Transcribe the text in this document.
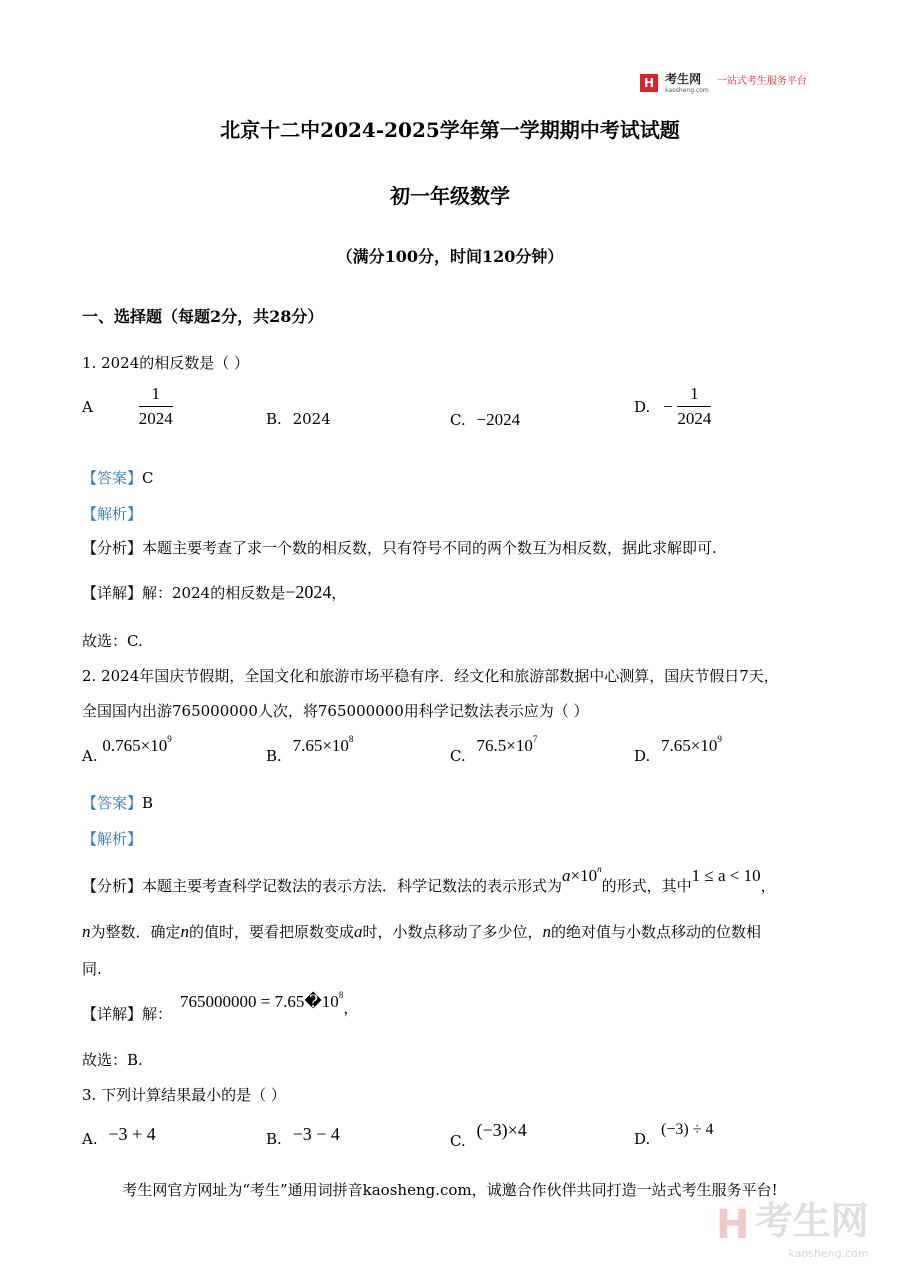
H 考生网
kaosheng.com
$^{一站式考生服务平台}$
北京十二中2024-2025学年第一学期期中考试试题
初一年级数学
（满分100分，时间120分钟）
一、选择题（每题2分，共28分）
1. 2024的相反数是（ ）
A	$\frac{1}{2024}$	B. 2024	C. −2024
D. − $\frac{1}{2024}$
【答案】C
【解析】
【分析】本题主要考查了求一个数的相反数，只有符号不同的两个数互为相反数，据此求解即可.
【详解】解：2024的相反数是−2024，
故选：C.
2. 2024年国庆节假期，全国文化和旅游市场平稳有序．经文化和旅游部数据中心测算，国庆节假日7天，
全国国内出游765000000人次，将765000000用科学记数法表示应为（ ）
A. $0.765\times 10^9$
B. $7.65\times 10^8$
C. $76.5\times 10^7$
D. $7.65\times 10^9$
【答案】B
【解析】
【分析】本题主要考查科学记数法的表示方法．科学记数法的表示形式为$a\times 10^n$的形式，其中1 ≤ a < 10，
n为整数．确定n的值时，要看把原数变成a时，小数点移动了多少位，n的绝对值与小数点移动的位数相
同.
【详解】解：$765000000 = 7.65�10^8$，
故选：B.
3. 下列计算结果最小的是（ ）
A. −3 + 4	B. −3 − 4	C. (−3)×4	D. (−3) ÷ 4
考生网官方网址为“考生”通用词拼音kaosheng.com，诚邀合作伙伴共同打造一站式考生服务平台!
H 考生网
kaosheng.com
